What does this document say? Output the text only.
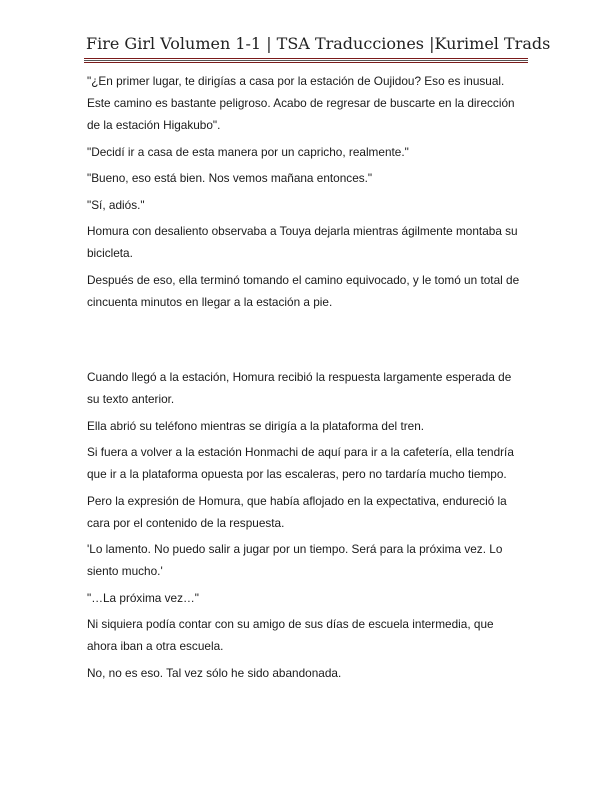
Fire Girl Volumen 1-1 | TSA Traducciones |Kurimel Trads

"¿En primer lugar, te dirigías a casa por la estación de Oujidou? Eso es inusual. Este camino es bastante peligroso. Acabo de regresar de buscarte en la dirección de la estación Higakubo".

"Decidí ir a casa de esta manera por un capricho, realmente."

"Bueno, eso está bien. Nos vemos mañana entonces."

"Sí, adiós."

Homura con desaliento observaba a Touya dejarla mientras ágilmente montaba su bicicleta.

Después de eso, ella terminó tomando el camino equivocado, y le tomó un total de cincuenta minutos en llegar a la estación a pie.

Cuando llegó a la estación, Homura recibió la respuesta largamente esperada de su texto anterior.

Ella abrió su teléfono mientras se dirigía a la plataforma del tren.

Si fuera a volver a la estación Honmachi de aquí para ir a la cafetería, ella tendría que ir a la plataforma opuesta por las escaleras, pero no tardaría mucho tiempo.

Pero la expresión de Homura, que había aflojado en la expectativa, endureció la cara por el contenido de la respuesta.

'Lo lamento. No puedo salir a jugar por un tiempo. Será para la próxima vez. Lo siento mucho.'

"…La próxima vez…"

Ni siquiera podía contar con su amigo de sus días de escuela intermedia, que ahora iban a otra escuela.

No, no es eso. Tal vez sólo he sido abandonada.
